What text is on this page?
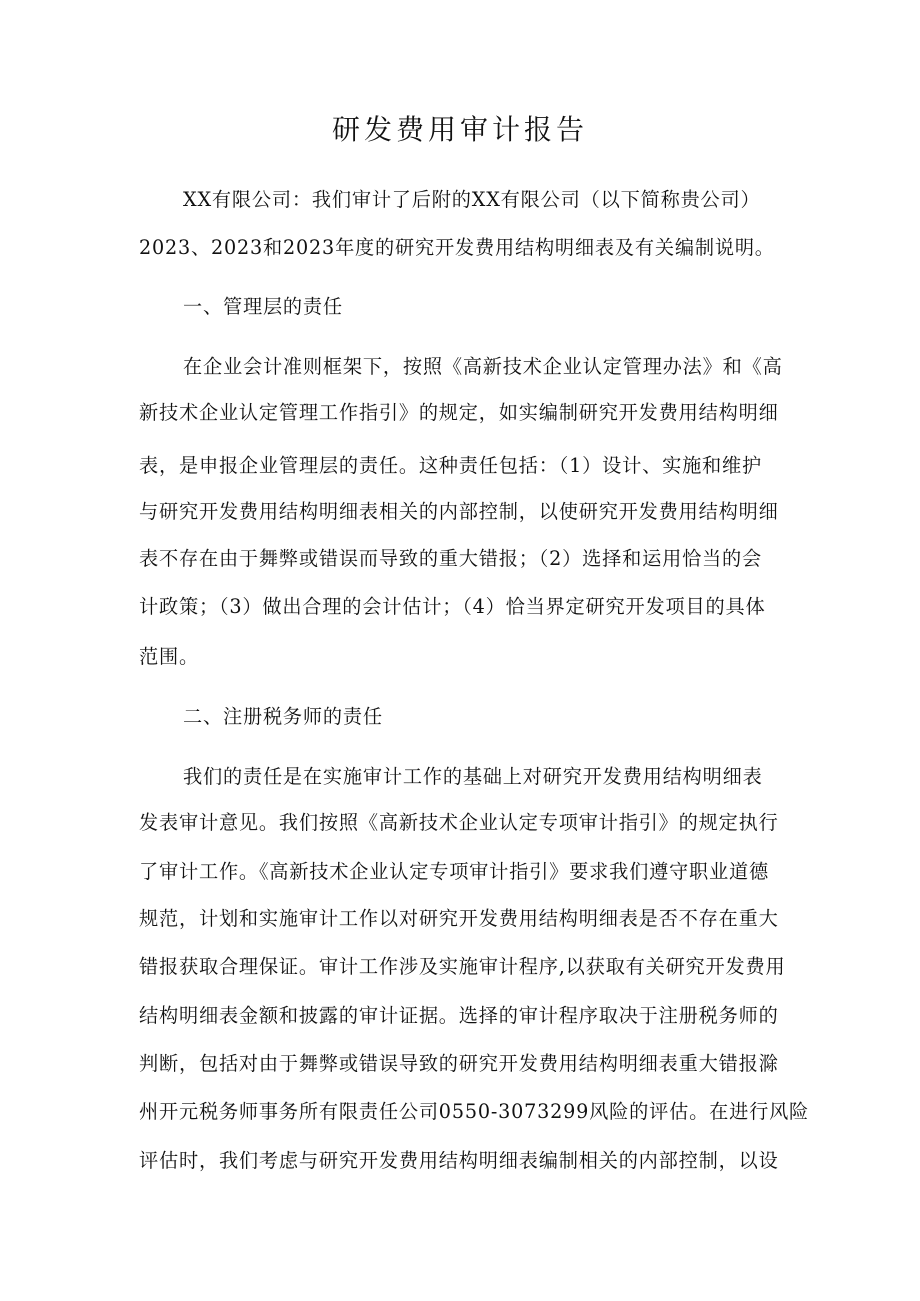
研发费用审计报告
XX有限公司：我们审计了后附的XX有限公司（以下简称贵公司）
2023、2023和2023年度的研究开发费用结构明细表及有关编制说明。
一、管理层的责任
在企业会计准则框架下，按照《高新技术企业认定管理办法》和《高
新技术企业认定管理工作指引》的规定，如实编制研究开发费用结构明细
表，是申报企业管理层的责任。这种责任包括：（1）设计、实施和维护
与研究开发费用结构明细表相关的内部控制，以使研究开发费用结构明细
表不存在由于舞弊或错误而导致的重大错报；（2）选择和运用恰当的会
计政策；（3）做出合理的会计估计；（4）恰当界定研究开发项目的具体
范围。
二、注册税务师的责任
我们的责任是在实施审计工作的基础上对研究开发费用结构明细表
发表审计意见。我们按照《高新技术企业认定专项审计指引》的规定执行
了审计工作。《高新技术企业认定专项审计指引》要求我们遵守职业道德
规范，计划和实施审计工作以对研究开发费用结构明细表是否不存在重大
错报获取合理保证。审计工作涉及实施审计程序,以获取有关研究开发费用
结构明细表金额和披露的审计证据。选择的审计程序取决于注册税务师的
判断，包括对由于舞弊或错误导致的研究开发费用结构明细表重大错报滁
州开元税务师事务所有限责任公司0550-3073299风险的评估。在进行风险
评估时，我们考虑与研究开发费用结构明细表编制相关的内部控制，以设
